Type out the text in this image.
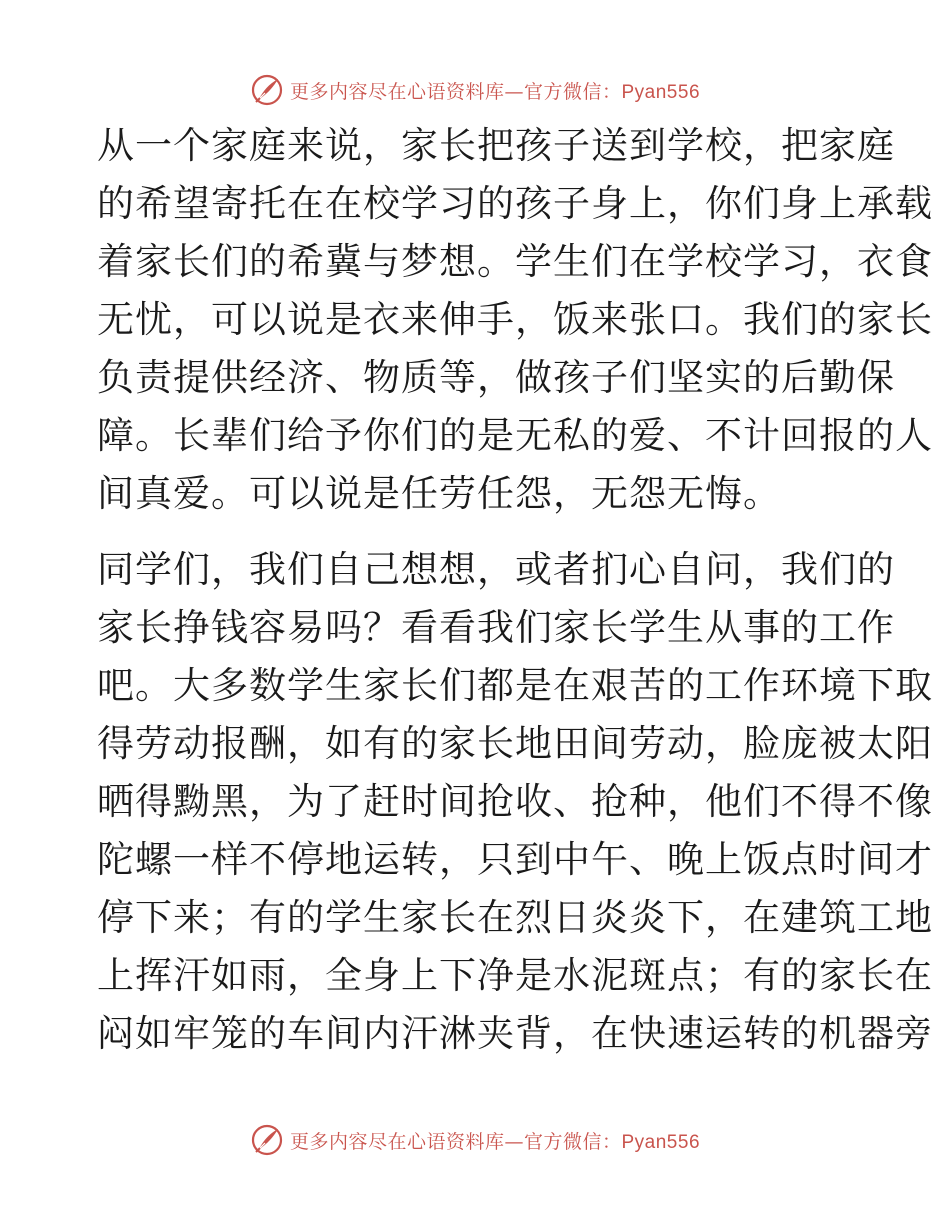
更多内容尽在心语资料库—官方微信：Pyan556
从一个家庭来说，家长把孩子送到学校，把家庭
的希望寄托在在校学习的孩子身上，你们身上承载
着家长们的希冀与梦想。学生们在学校学习，衣食
无忧，可以说是衣来伸手，饭来张口。我们的家长
负责提供经济、物质等，做孩子们坚实的后勤保
障。长辈们给予你们的是无私的爱、不计回报的人
间真爱。可以说是任劳任怨，无怨无悔。
同学们，我们自己想想，或者扪心自问，我们的
家长挣钱容易吗？看看我们家长学生从事的工作
吧。大多数学生家长们都是在艰苦的工作环境下取
得劳动报酬，如有的家长地田间劳动，脸庞被太阳
晒得黝黑，为了赶时间抢收、抢种，他们不得不像
陀螺一样不停地运转，只到中午、晚上饭点时间才
停下来；有的学生家长在烈日炎炎下，在建筑工地
上挥汗如雨，全身上下净是水泥斑点；有的家长在
闷如牢笼的车间内汗淋夹背，在快速运转的机器旁
更多内容尽在心语资料库—官方微信：Pyan556
